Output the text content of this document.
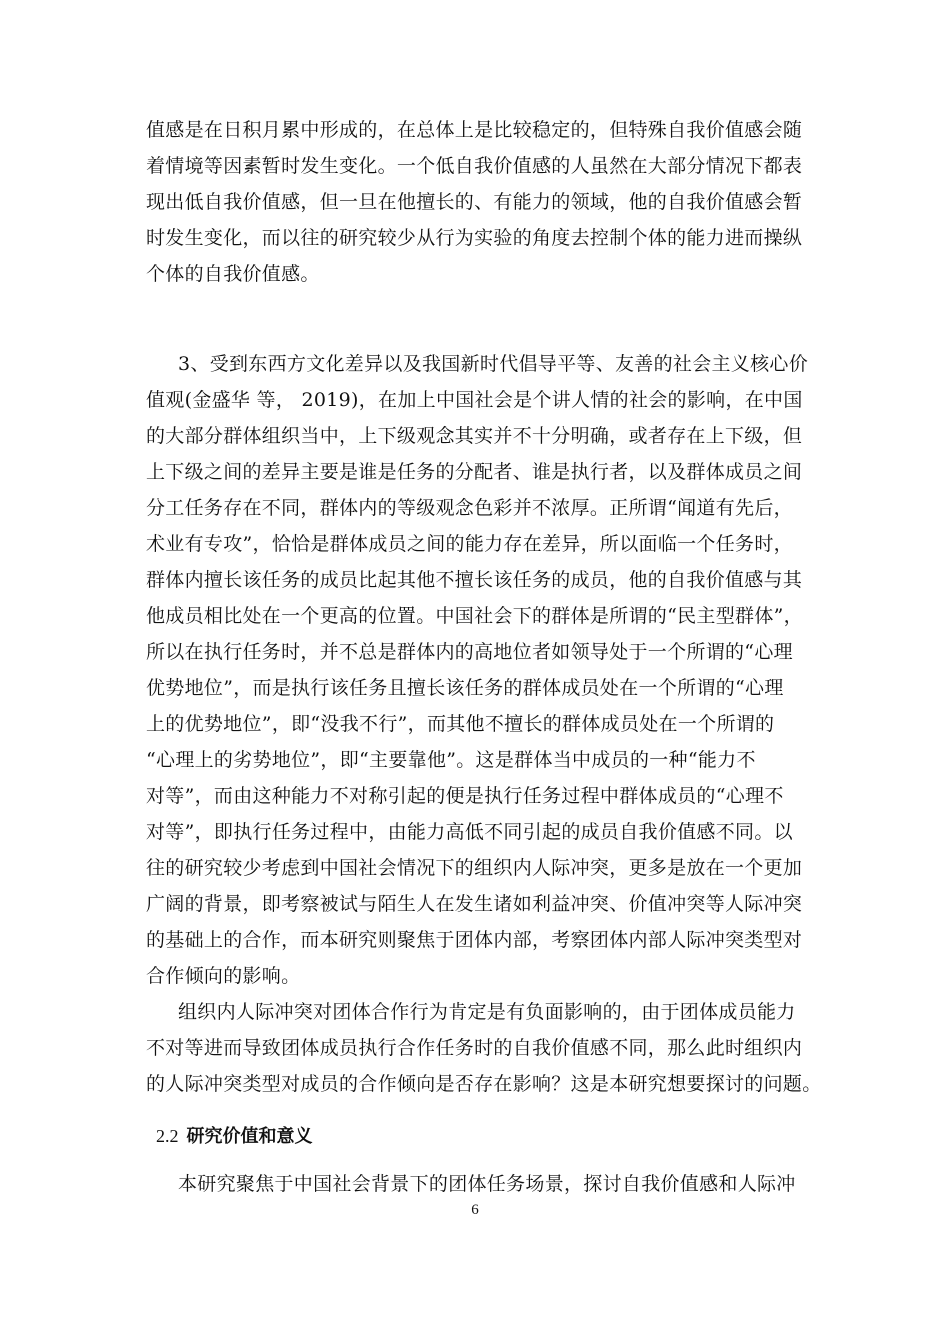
值感是在日积月累中形成的，在总体上是比较稳定的，但特殊自我价值感会随
着情境等因素暂时发生变化。一个低自我价值感的人虽然在大部分情况下都表
现出低自我价值感，但一旦在他擅长的、有能力的领域，他的自我价值感会暂
时发生变化，而以往的研究较少从行为实验的角度去控制个体的能力进而操纵
个体的自我价值感。

3、受到东西方文化差异以及我国新时代倡导平等、友善的社会主义核心价
值观(金盛华 等， 2019)，在加上中国社会是个讲人情的社会的影响，在中国
的大部分群体组织当中，上下级观念其实并不十分明确，或者存在上下级，但
上下级之间的差异主要是谁是任务的分配者、谁是执行者，以及群体成员之间
分工任务存在不同，群体内的等级观念色彩并不浓厚。正所谓“闻道有先后，
术业有专攻”，恰恰是群体成员之间的能力存在差异，所以面临一个任务时，
群体内擅长该任务的成员比起其他不擅长该任务的成员，他的自我价值感与其
他成员相比处在一个更高的位置。中国社会下的群体是所谓的“民主型群体”，
所以在执行任务时，并不总是群体内的高地位者如领导处于一个所谓的“心理
优势地位”，而是执行该任务且擅长该任务的群体成员处在一个所谓的“心理
上的优势地位”，即“没我不行”，而其他不擅长的群体成员处在一个所谓的
“心理上的劣势地位”，即“主要靠他”。这是群体当中成员的一种“能力不
对等”，而由这种能力不对称引起的便是执行任务过程中群体成员的“心理不
对等”，即执行任务过程中，由能力高低不同引起的成员自我价值感不同。以
往的研究较少考虑到中国社会情况下的组织内人际冲突，更多是放在一个更加
广阔的背景，即考察被试与陌生人在发生诸如利益冲突、价值冲突等人际冲突
的基础上的合作，而本研究则聚焦于团体内部，考察团体内部人际冲突类型对
合作倾向的影响。

组织内人际冲突对团体合作行为肯定是有负面影响的，由于团体成员能力
不对等进而导致团体成员执行合作任务时的自我价值感不同，那么此时组织内
的人际冲突类型对成员的合作倾向是否存在影响？这是本研究想要探讨的问题。

2.2 研究价值和意义

本研究聚焦于中国社会背景下的团体任务场景，探讨自我价值感和人际冲

6
